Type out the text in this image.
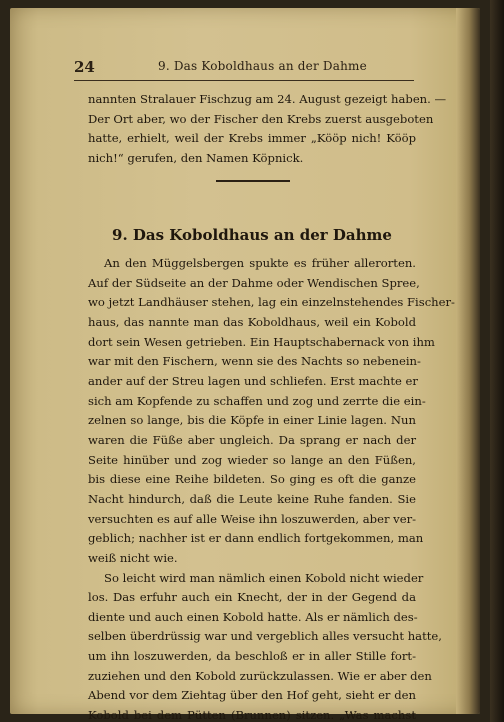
24	9. Das Koboldhaus an der Dahme
nannten Stralauer Fischzug am 24. August gezeigt haben. —
Der Ort aber, wo der Fischer den Krebs zuerst ausgeboten
hatte, erhielt, weil der Krebs immer „Kööp nich! Kööp
nich!“ gerufen, den Namen Köpnick.
9. Das Koboldhaus an der Dahme
An den Müggelsbergen spukte es früher allerorten.
Auf der Südseite an der Dahme oder Wendischen Spree,
wo jetzt Landhäuser stehen, lag ein einzelnstehendes Fischer-
haus, das nannte man das Koboldhaus, weil ein Kobold
dort sein Wesen getrieben. Ein Hauptschabernack von ihm
war mit den Fischern, wenn sie des Nachts so nebenein-
ander auf der Streu lagen und schliefen. Erst machte er
sich am Kopfende zu schaffen und zog und zerrte die ein-
zelnen so lange, bis die Köpfe in einer Linie lagen. Nun
waren die Füße aber ungleich. Da sprang er nach der
Seite hinüber und zog wieder so lange an den Füßen,
bis diese eine Reihe bildeten. So ging es oft die ganze
Nacht hindurch, daß die Leute keine Ruhe fanden. Sie
versuchten es auf alle Weise ihn loszuwerden, aber ver-
geblich; nachher ist er dann endlich fortgekommen, man
weiß nicht wie.
So leicht wird man nämlich einen Kobold nicht wieder
los. Das erfuhr auch ein Knecht, der in der Gegend da
diente und auch einen Kobold hatte. Als er nämlich des-
selben überdrüssig war und vergeblich alles versucht hatte,
um ihn loszuwerden, da beschloß er in aller Stille fort-
zuziehen und den Kobold zurückzulassen. Wie er aber den
Abend vor dem Ziehtag über den Hof geht, sieht er den
Kobold bei dem Pütten (Brunnen) sitzen. „Was machst
